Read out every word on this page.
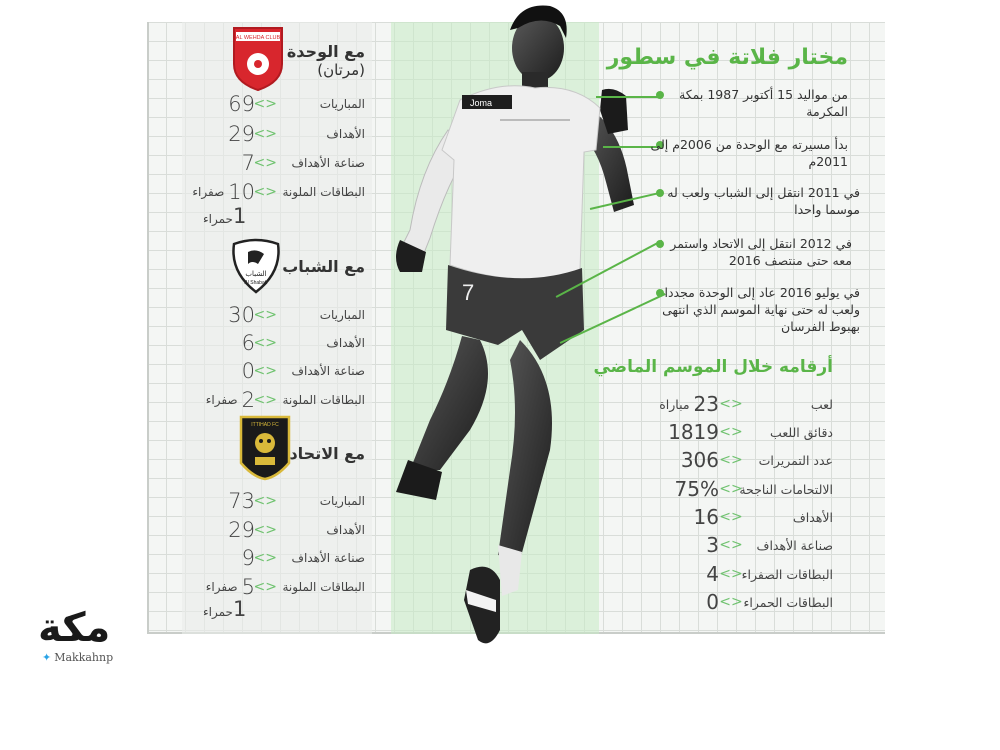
Joma
7
مختار فلاتة في سطور
من مواليد 15 أكتوبر 1987 بمكة المكرمة
بدأ مسيرته مع الوحدة من 2006م إلى 2011م
في 2011 انتقل إلى الشباب ولعب له موسما واحدا
في 2012 انتقل إلى الاتحاد واستمر معه حتى منتصف 2016
في يوليو 2016 عاد إلى الوحدة مجددا ولعب له حتى نهاية الموسم الذي انتهى بهبوط الفرسان
مع الوحدة
(مرتان)
AL WEHDA CLUB
المباريات
<>
69
الأهداف
<>
29
صناعة الأهداف
<>
7
البطاقات الملونة
<>
10
صفراء
1حمراء
مع الشباب
الشباب
Al Shabab
المباريات
<>
30
الأهداف
<>
6
صناعة الأهداف
<>
0
البطاقات الملونة
<>
2
صفراء
مع الاتحاد
ITTIHAD FC
المباريات
<>
73
الأهداف
<>
29
صناعة الأهداف
<>
9
البطاقات الملونة
<>
5
صفراء
1حمراء
أرقامه خلال الموسم الماضي
لعب
<>
23
مباراة
دقائق اللعب
<>
1819
عدد التمريرات
<>
306
الالتحامات الناجحة
<>
75%
الأهداف
<>
16
صناعة الأهداف
<>
3
البطاقات الصفراء
<>
4
البطاقات الحمراء
<>
0
مكة
✦ Makkahnp
